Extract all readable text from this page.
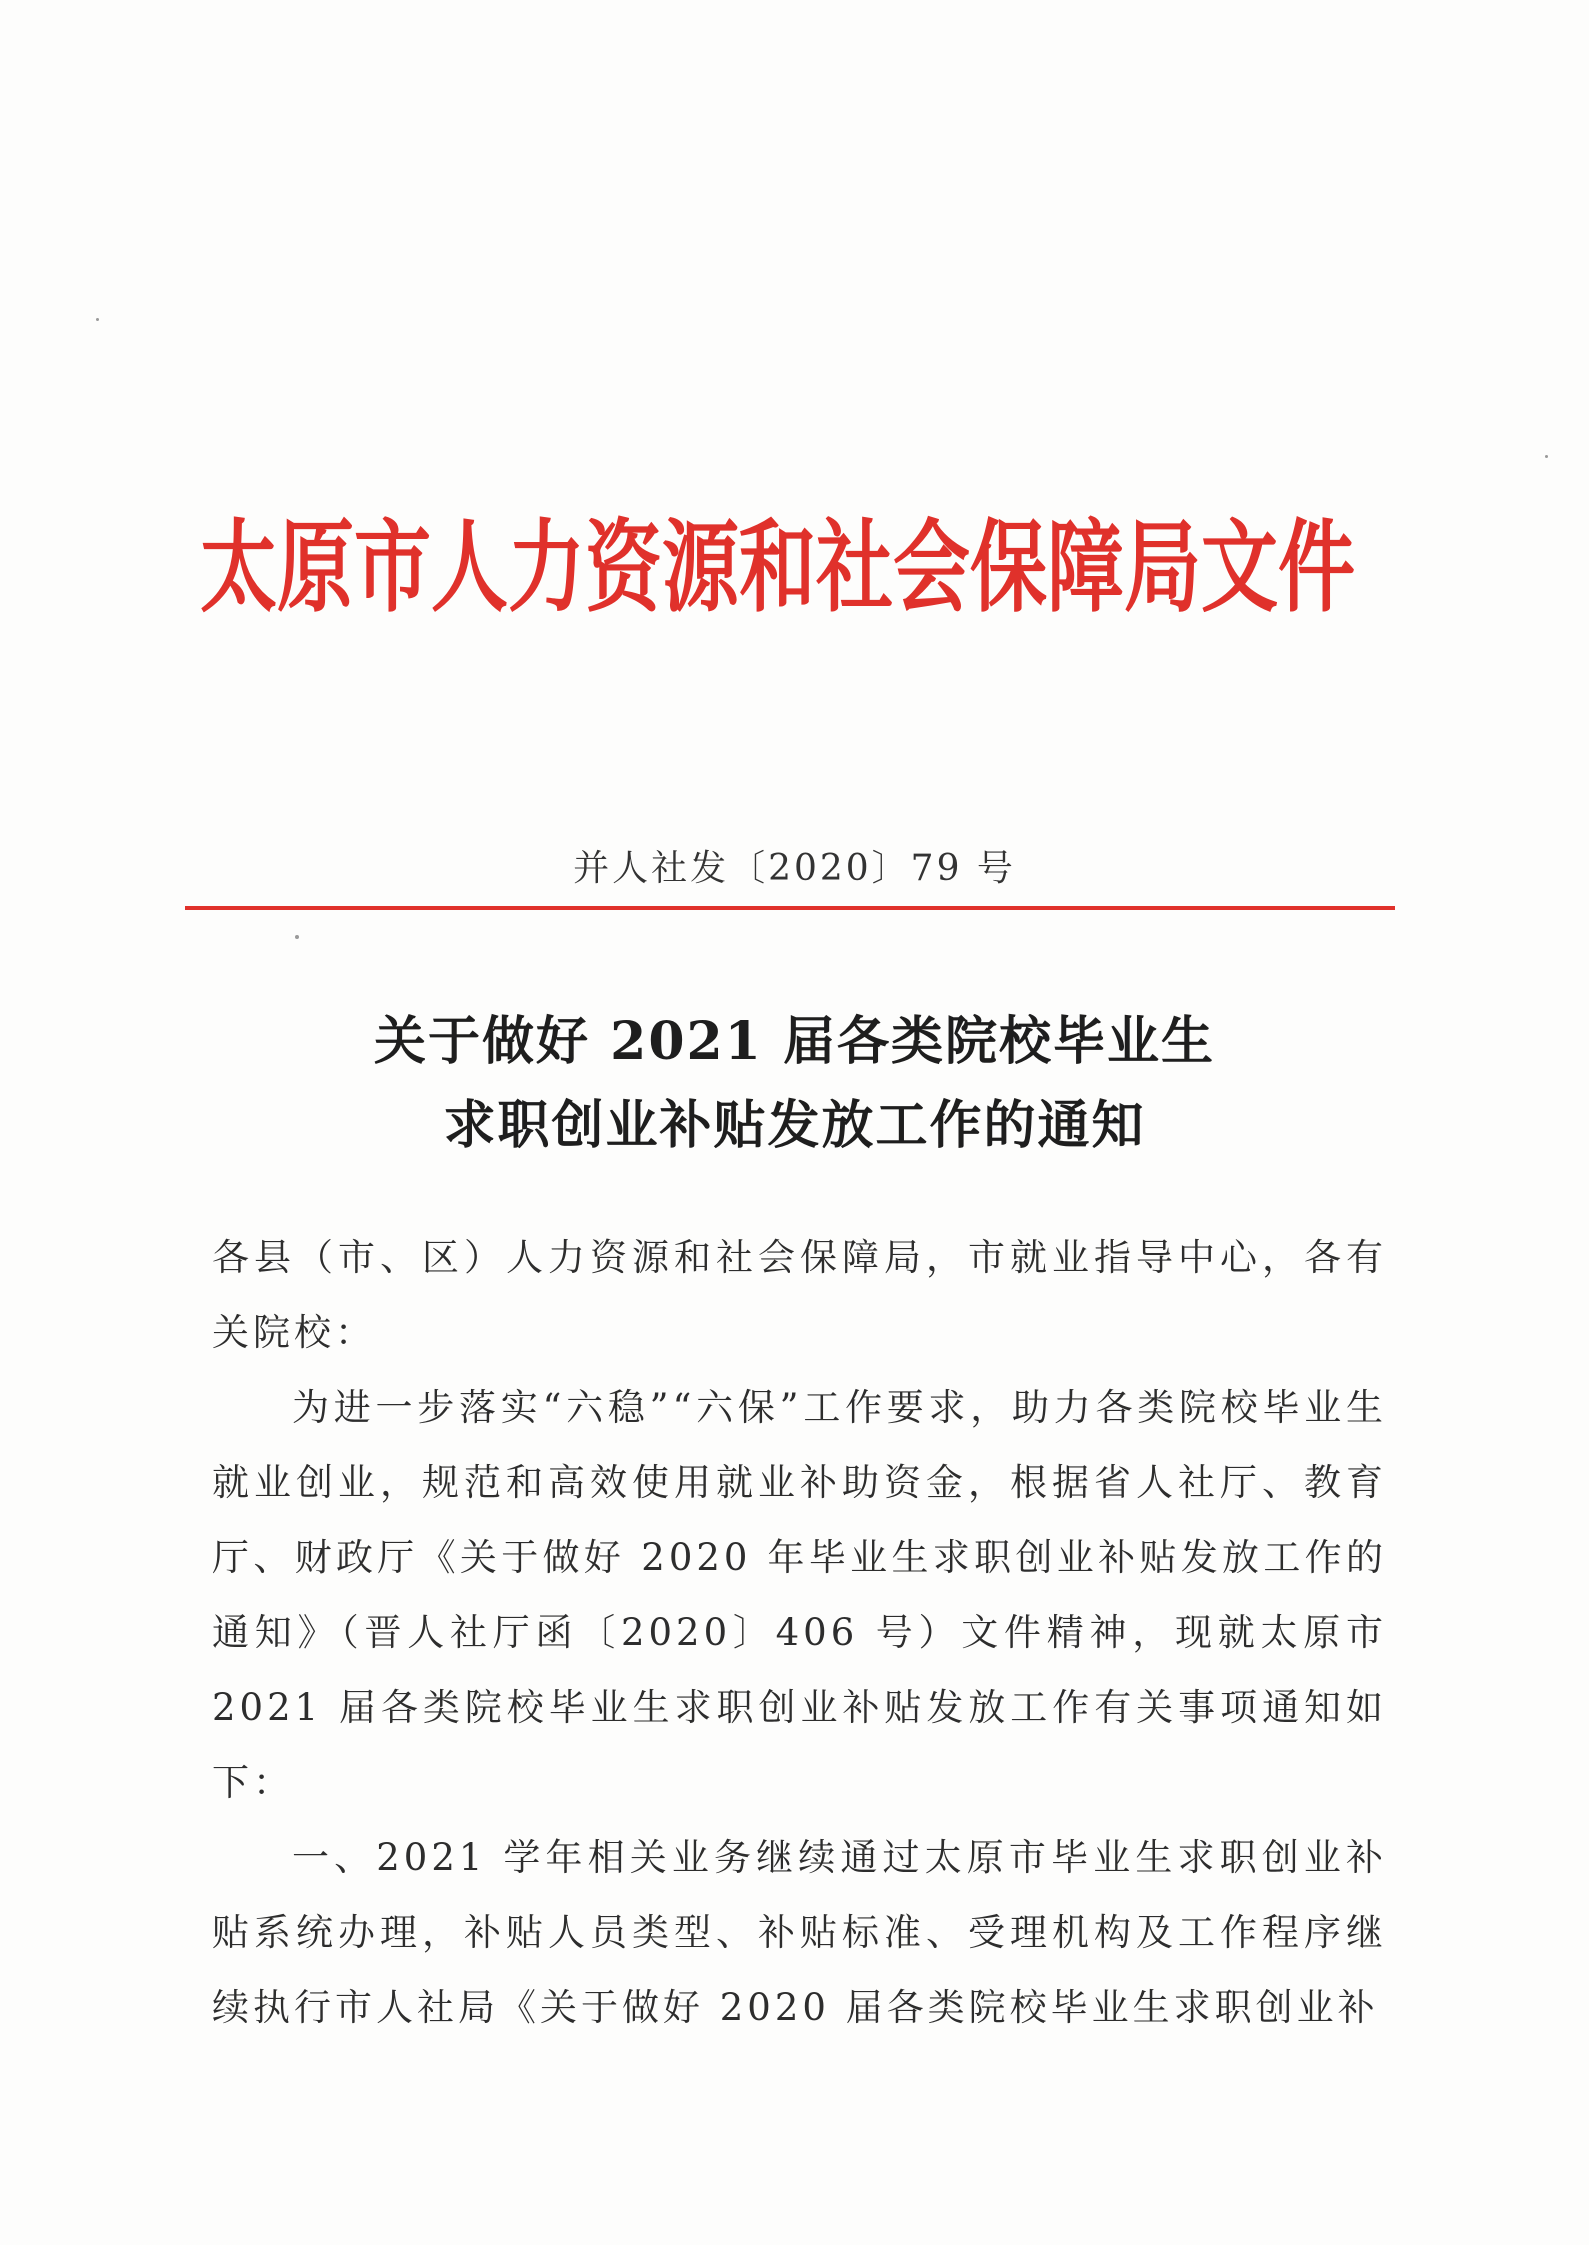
太原市人力资源和社会保障局文件
并人社发〔2020〕79 号
关于做好 2021 届各类院校毕业生
求职创业补贴发放工作的通知

各县（市、区）人力资源和社会保障局，市就业指导中心，各有关院校：

为进一步落实“六稳”“六保”工作要求，助力各类院校毕业生就业创业，规范和高效使用就业补助资金，根据省人社厅、教育厅、财政厅《关于做好 2020 年毕业生求职创业补贴发放工作的通知》（晋人社厅函〔2020〕406 号）文件精神，现就太原市 2021 届各类院校毕业生求职创业补贴发放工作有关事项通知如下：

一、2021 学年相关业务继续通过太原市毕业生求职创业补贴系统办理，补贴人员类型、补贴标准、受理机构及工作程序继续执行市人社局《关于做好 2020 届各类院校毕业生求职创业补
